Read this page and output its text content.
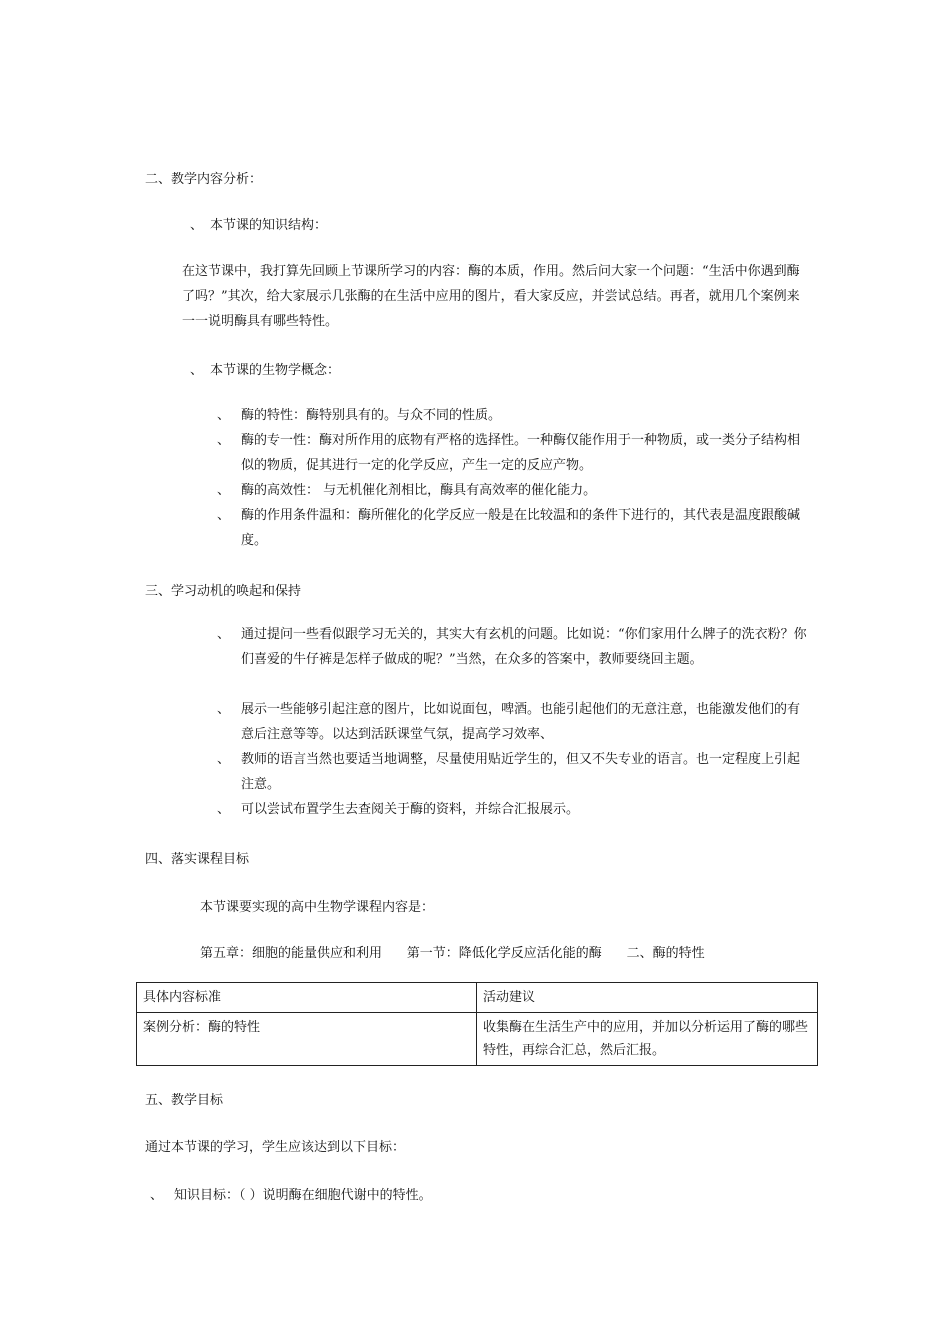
二、教学内容分析：
、 本节课的知识结构：
在这节课中，我打算先回顾上节课所学习的内容：酶的本质，作用。然后问大家一个问题：“生活中你遇到酶了吗？”其次，给大家展示几张酶的在生活中应用的图片，看大家反应，并尝试总结。再者，就用几个案例来一一说明酶具有哪些特性。
、 本节课的生物学概念：
、 酶的特性：酶特别具有的。与众不同的性质。
、 酶的专一性：酶对所作用的底物有严格的选择性。一种酶仅能作用于一种物质，或一类分子结构相似的物质，促其进行一定的化学反应，产生一定的反应产物。
、 酶的高效性： 与无机催化剂相比，酶具有高效率的催化能力。
、 酶的作用条件温和：酶所催化的化学反应一般是在比较温和的条件下进行的，其代表是温度跟酸碱度。
三、学习动机的唤起和保持
、 通过提问一些看似跟学习无关的，其实大有玄机的问题。比如说：“你们家用什么牌子的洗衣粉？你们喜爱的牛仔裤是怎样子做成的呢？”当然，在众多的答案中，教师要绕回主题。
、 展示一些能够引起注意的图片，比如说面包，啤酒。也能引起他们的无意注意，也能激发他们的有意后注意等等。以达到活跃课堂气氛，提高学习效率、
、 教师的语言当然也要适当地调整，尽量使用贴近学生的，但又不失专业的语言。也一定程度上引起注意。
、 可以尝试布置学生去查阅关于酶的资料，并综合汇报展示。
四、落实课程目标
本节课要实现的高中生物学课程内容是：
第五章：细胞的能量供应和利用      第一节：降低化学反应活化能的酶      二、酶的特性
具体内容标准	活动建议
案例分析：酶的特性	收集酶在生活生产中的应用，并加以分析运用了酶的哪些特性，再综合汇总，然后汇报。
五、教学目标
通过本节课的学习，学生应该达到以下目标：
、 知识目标：（ ）说明酶在细胞代谢中的特性。
